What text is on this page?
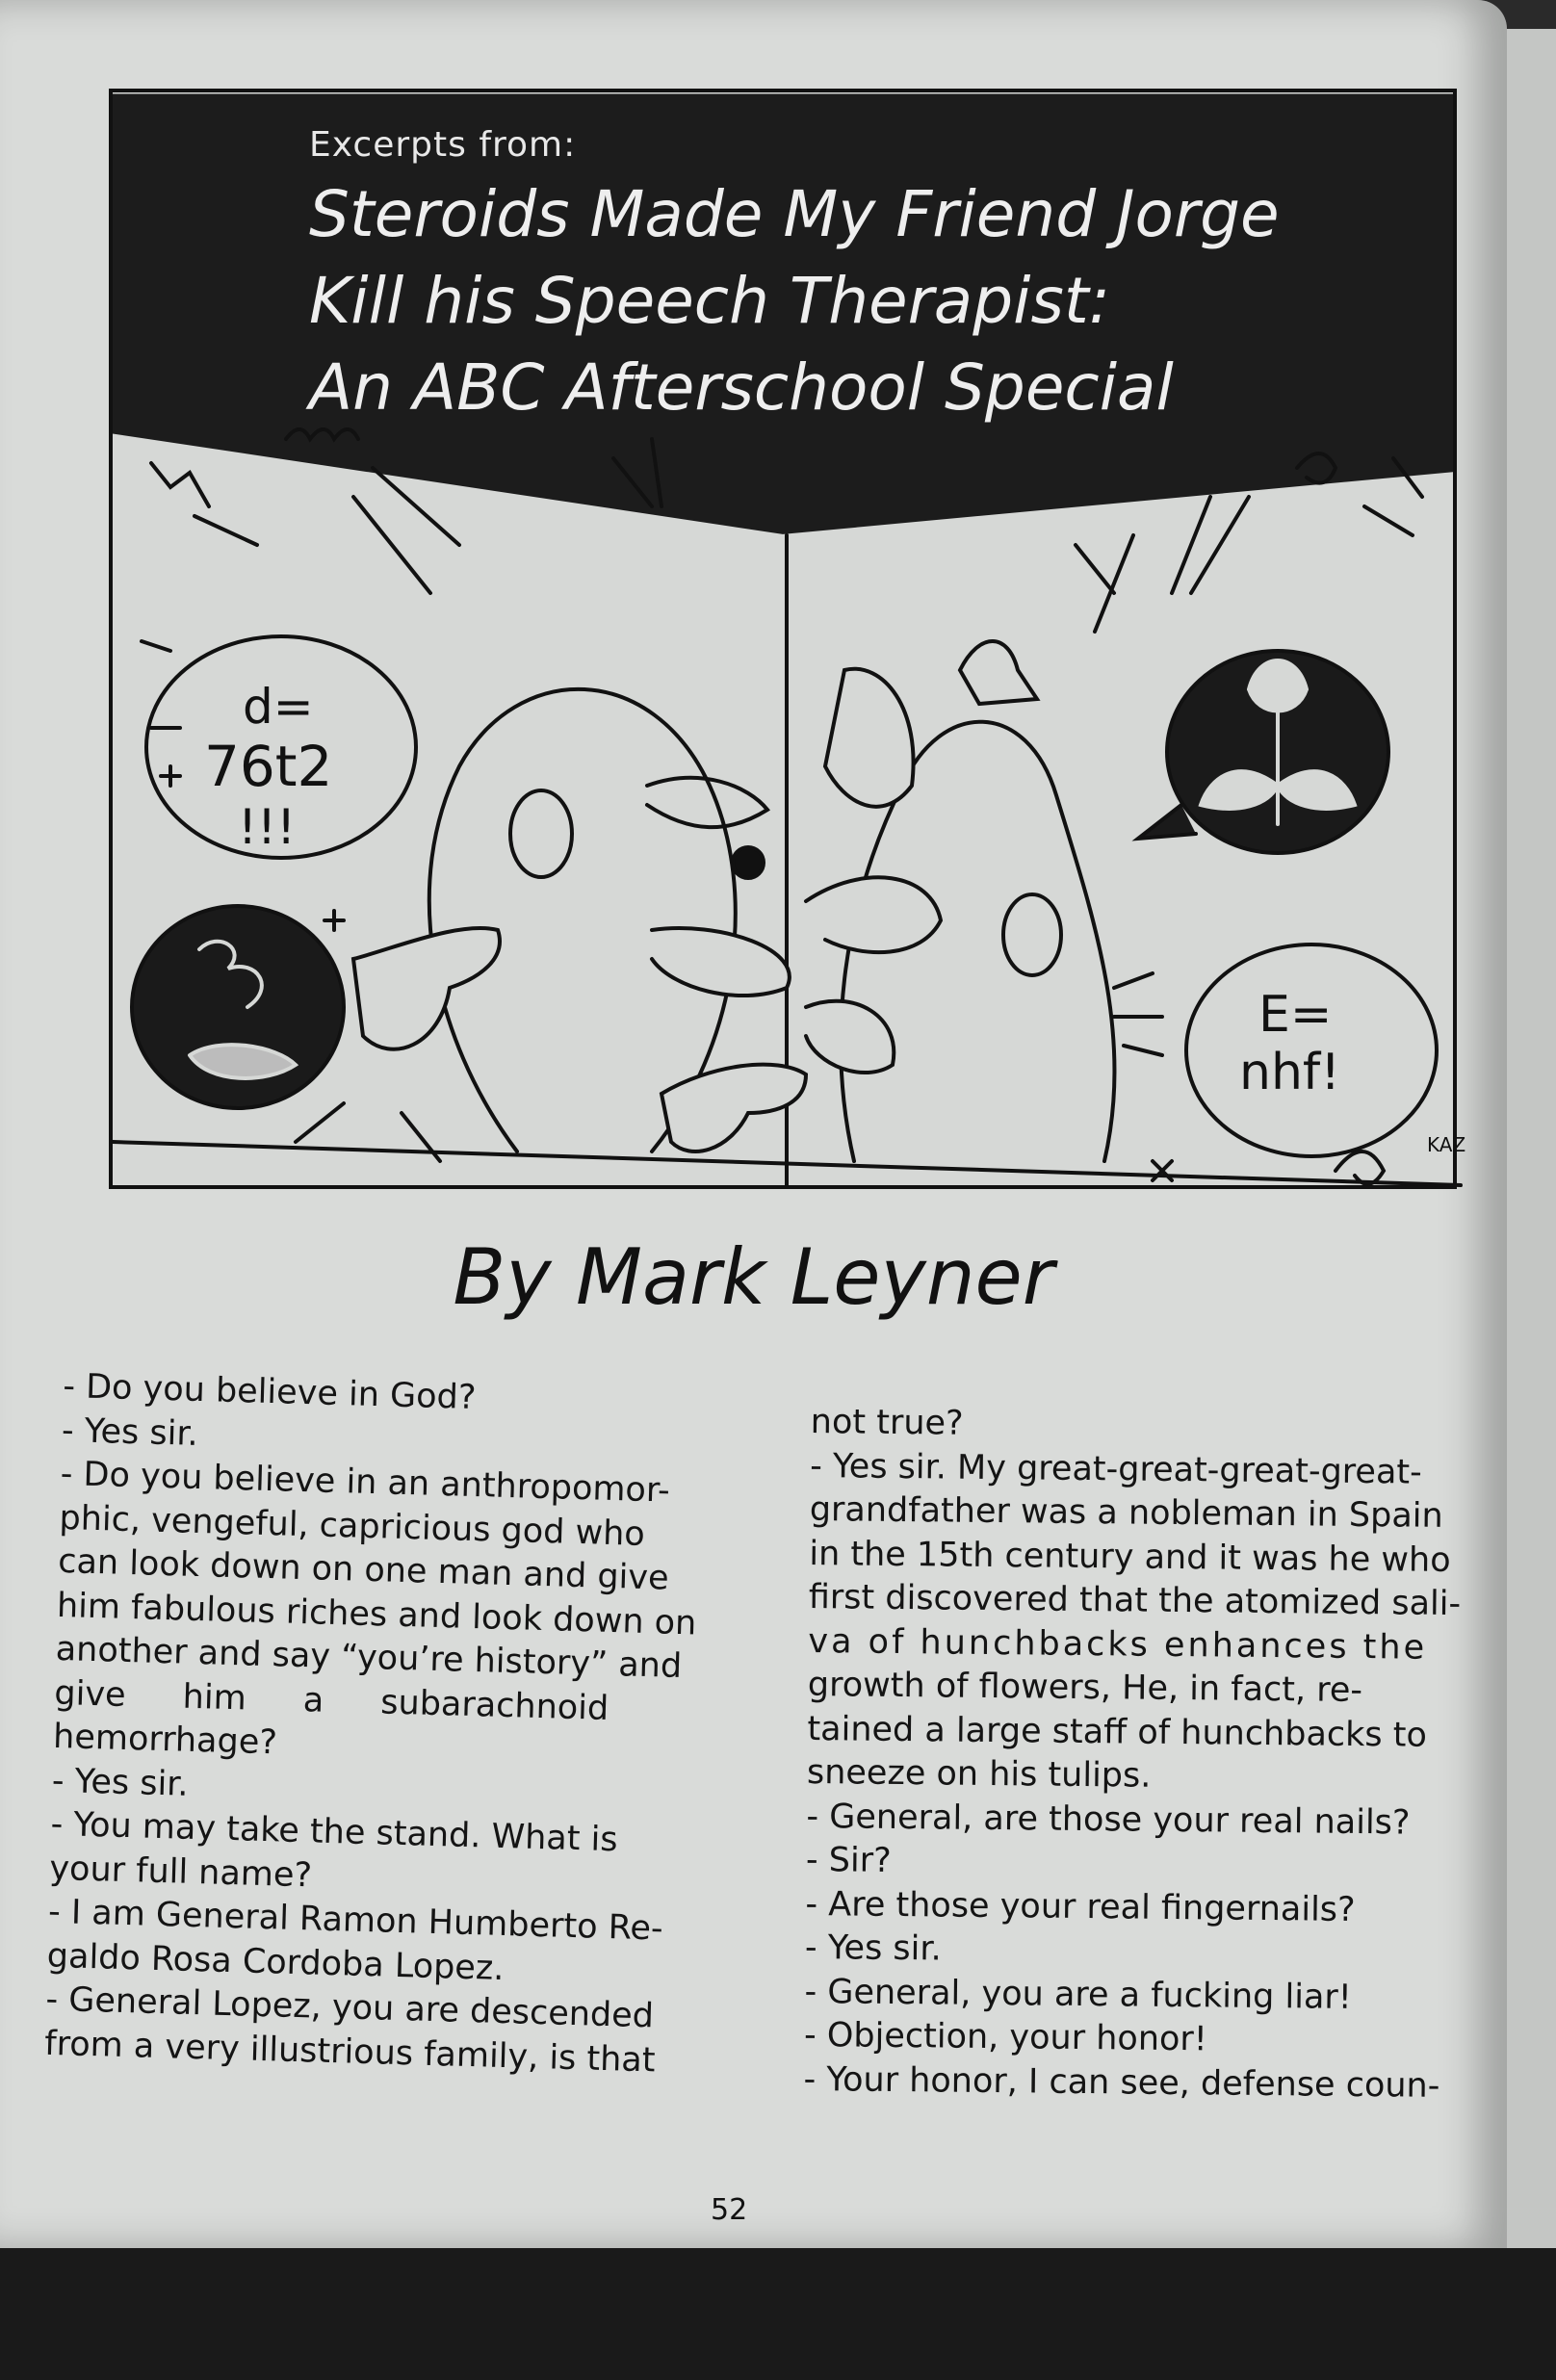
d=
76t2
!!!
E=
nhf!
KAZ
Excerpts from:
Steroids Made My Friend Jorge
Kill his Speech Therapist:
An ABC Afterschool Special
By Mark Leyner
- Do you believe in God?
- Yes sir.
- Do you believe in an anthropomor-
phic, vengeful, capricious god who
can look down on one man and give
him fabulous riches and look down on
another and say “you’re history” and
give him a subarachnoid
hemorrhage?
- Yes sir.
- You may take the stand. What is
your full name?
- I am General Ramon Humberto Re-
galdo Rosa Cordoba Lopez.
- General Lopez, you are descended
from a very illustrious family, is that
not true?
- Yes sir. My great-great-great-great-
grandfather was a nobleman in Spain
in the 15th century and it was he who
first discovered that the atomized sali-
va of hunchbacks enhances the
growth of flowers, He, in fact, re-
tained a large staff of hunchbacks to
sneeze on his tulips.
- General, are those your real nails?
- Sir?
- Are those your real fingernails?
- Yes sir.
- General, you are a fucking liar!
- Objection, your honor!
- Your honor, I can see, defense coun-
52
